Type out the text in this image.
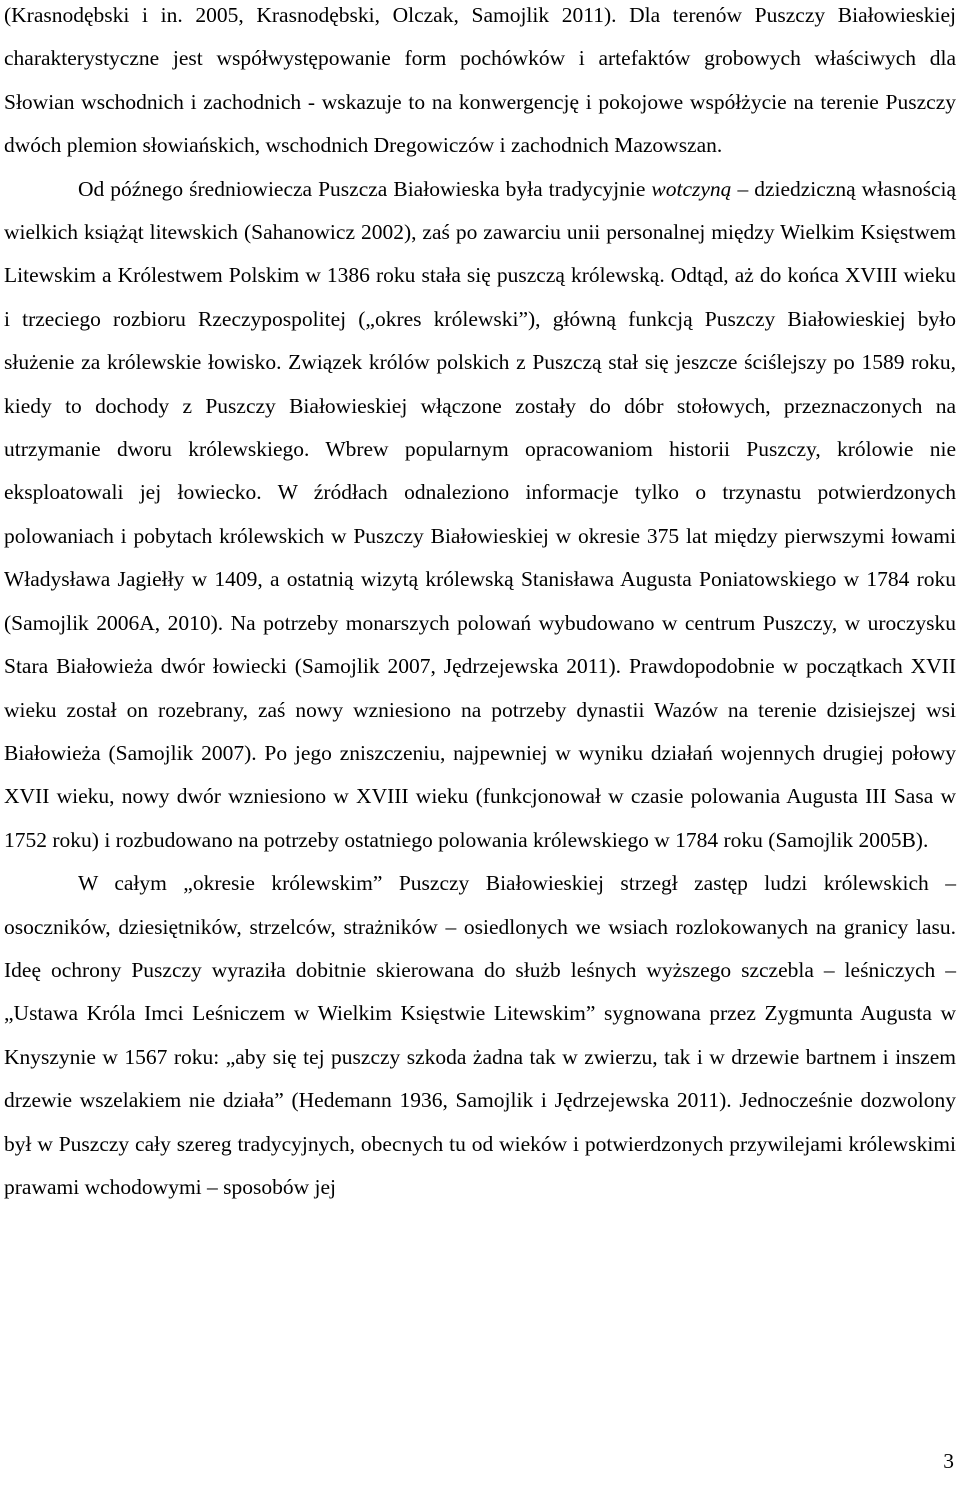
(Krasnodębski i in. 2005, Krasnodębski, Olczak, Samojlik 2011). Dla terenów Puszczy Białowieskiej charakterystyczne jest współwystępowanie form pochówków i artefaktów grobowych właściwych dla Słowian wschodnich i zachodnich - wskazuje to na konwergencję i pokojowe współżycie na terenie Puszczy dwóch plemion słowiańskich, wschodnich Dregowiczów i zachodnich Mazowszan.

Od późnego średniowiecza Puszcza Białowieska była tradycyjnie wotczyną – dziedziczną własnością wielkich książąt litewskich (Sahanowicz 2002), zaś po zawarciu unii personalnej między Wielkim Księstwem Litewskim a Królestwem Polskim w 1386 roku stała się puszczą królewską. Odtąd, aż do końca XVIII wieku i trzeciego rozbioru Rzeczypospolitej („okres królewski”), główną funkcją Puszczy Białowieskiej było służenie za królewskie łowisko. Związek królów polskich z Puszczą stał się jeszcze ściślejszy po 1589 roku, kiedy to dochody z Puszczy Białowieskiej włączone zostały do dóbr stołowych, przeznaczonych na utrzymanie dworu królewskiego. Wbrew popularnym opracowaniom historii Puszczy, królowie nie eksploatowali jej łowiecko. W źródłach odnaleziono informacje tylko o trzynastu potwierdzonych polowaniach i pobytach królewskich w Puszczy Białowieskiej w okresie 375 lat między pierwszymi łowami Władysława Jagiełły w 1409, a ostatnią wizytą królewską Stanisława Augusta Poniatowskiego w 1784 roku (Samojlik 2006A, 2010). Na potrzeby monarszych polowań wybudowano w centrum Puszczy, w uroczysku Stara Białowieża dwór łowiecki (Samojlik 2007, Jędrzejewska 2011). Prawdopodobnie w początkach XVII wieku został on rozebrany, zaś nowy wzniesiono na potrzeby dynastii Wazów na terenie dzisiejszej wsi Białowieża (Samojlik 2007). Po jego zniszczeniu, najpewniej w wyniku działań wojennych drugiej połowy XVII wieku, nowy dwór wzniesiono w XVIII wieku (funkcjonował w czasie polowania Augusta III Sasa w 1752 roku) i rozbudowano na potrzeby ostatniego polowania królewskiego w 1784 roku (Samojlik 2005B).

W całym „okresie królewskim” Puszczy Białowieskiej strzegł zastęp ludzi królewskich – osoczników, dziesiętników, strzelców, strażników – osiedlonych we wsiach rozlokowanych na granicy lasu. Ideę ochrony Puszczy wyraziła dobitnie skierowana do służb leśnych wyższego szczebla – leśniczych – „Ustawa Króla Imci Leśniczem w Wielkim Księstwie Litewskim” sygnowana przez Zygmunta Augusta w Knyszynie w 1567 roku: „aby się tej puszczy szkoda żadna tak w zwierzu, tak i w drzewie bartnem i inszem drzewie wszelakiem nie działa” (Hedemann 1936, Samojlik i Jędrzejewska 2011). Jednocześnie dozwolony był w Puszczy cały szereg tradycyjnych, obecnych tu od wieków i potwierdzonych przywilejami królewskimi prawami wchodowymi – sposobów jej

3
